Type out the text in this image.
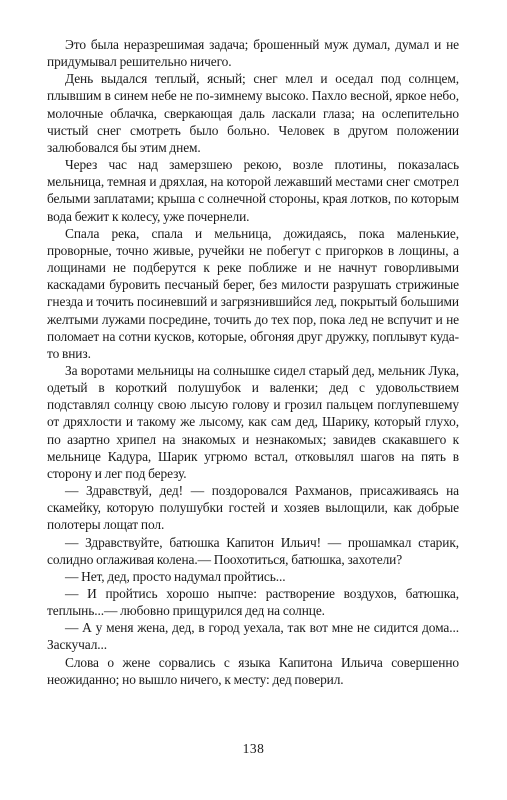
Это была неразрешимая задача; брошенный муж думал, думал и не придумывал решительно ничего.

День выдался теплый, ясный; снег млел и оседал под солнцем, плывшим в синем небе не по-зимнему высоко. Пахло весной, яркое небо, молочные облачка, сверкающая даль ласкали глаза; на ослепительно чистый снег смотреть было больно. Человек в другом положении залюбовался бы этим днем.

Через час над замерзшею рекою, возле плотины, показалась мельница, темная и дряхлая, на которой лежавший местами снег смотрел белыми заплатами; крыша с солнечной стороны, края лотков, по которым вода бежит к колесу, уже почернели.

Спала река, спала и мельница, дожидаясь, пока маленькие, проворные, точно живые, ручейки не побегут с пригорков в лощины, а лощинами не подберутся к реке поближе и не начнут говорливыми каскадами буровить песчаный берег, без милости разрушать стрижиные гнезда и точить посиневший и загрязнившийся лед, покрытый большими желтыми лужами посредине, точить до тех пор, пока лед не вспучит и не поломает на сотни кусков, которые, обгоняя друг дружку, поплывут куда-то вниз.

За воротами мельницы на солнышке сидел старый дед, мельник Лука, одетый в короткий полушубок и валенки; дед с удовольствием подставлял солнцу свою лысую голову и грозил пальцем поглупевшему от дряхлости и такому же лысому, как сам дед, Шарику, который глухо, по азартно хрипел на знакомых и незнакомых; завидев скакавшего к мельнице Кадура, Шарик угрюмо встал, отковылял шагов на пять в сторону и лег под березу.

— Здравствуй, дед! — поздоровался Рахманов, присаживаясь на скамейку, которую полушубки гостей и хозяев вылощили, как добрые полотеры лощат пол.

— Здравствуйте, батюшка Капитон Ильич! — прошамкал старик, солидно оглаживая колена.— Поохотиться, батюшка, захотели?

— Нет, дед, просто надумал пройтись...

— И пройтись хорошо ныпче: растворение воздухов, батюшка, теплынь...— любовно прищурился дед на солнце.

— А у меня жена, дед, в город уехала, так вот мне не сидится дома... Заскучал...

Слова о жене сорвались с языка Капитона Ильича совершенно неожиданно; но вышло ничего, к месту: дед поверил.

138
